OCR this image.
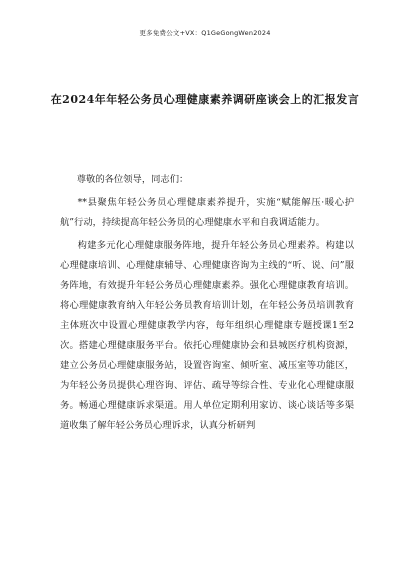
更多免费公文+VX：Q1GeGongWen2024
在2024年年轻公务员心理健康素养调研座谈会上的汇报发言

尊敬的各位领导，同志们：

**县聚焦年轻公务员心理健康素养提升，实施“赋能解压·暖心护航”行动，持续提高年轻公务员的心理健康水平和自我调适能力。

构建多元化心理健康服务阵地，提升年轻公务员心理素养。构建以心理健康培训、心理健康辅导、心理健康咨询为主线的“听、说、问”服务阵地，有效提升年轻公务员心理健康素养。强化心理健康教育培训。将心理健康教育纳入年轻公务员教育培训计划，在年轻公务员培训教育主体班次中设置心理健康教学内容，每年组织心理健康专题授课1至2次。搭建心理健康服务平台。依托心理健康协会和县城医疗机构资源，建立公务员心理健康服务站，设置咨询室、倾听室、减压室等功能区，为年轻公务员提供心理咨询、评估、疏导等综合性、专业化心理健康服务。畅通心理健康诉求渠道。用人单位定期利用家访、谈心谈话等多渠道收集了解年轻公务员心理诉求，认真分析研判
